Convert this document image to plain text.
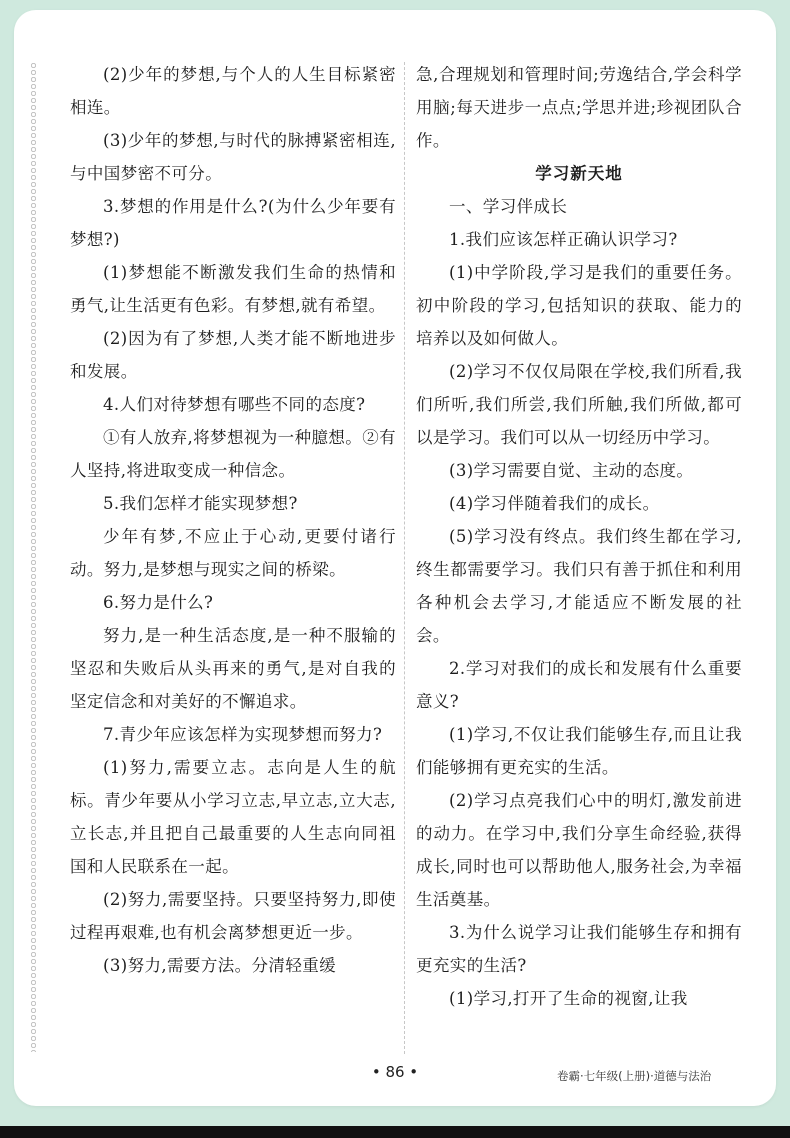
(2)少年的梦想,与个人的人生目标紧密相连。

(3)少年的梦想,与时代的脉搏紧密相连,与中国梦密不可分。

3.梦想的作用是什么?(为什么少年要有梦想?)

(1)梦想能不断激发我们生命的热情和勇气,让生活更有色彩。有梦想,就有希望。

(2)因为有了梦想,人类才能不断地进步和发展。

4.人们对待梦想有哪些不同的态度?

①有人放弃,将梦想视为一种臆想。②有人坚持,将进取变成一种信念。

5.我们怎样才能实现梦想?

少年有梦,不应止于心动,更要付诸行动。努力,是梦想与现实之间的桥梁。

6.努力是什么?

努力,是一种生活态度,是一种不服输的坚忍和失败后从头再来的勇气,是对自我的坚定信念和对美好的不懈追求。

7.青少年应该怎样为实现梦想而努力?

(1)努力,需要立志。志向是人生的航标。青少年要从小学习立志,早立志,立大志,立长志,并且把自己最重要的人生志向同祖国和人民联系在一起。

(2)努力,需要坚持。只要坚持努力,即使过程再艰难,也有机会离梦想更近一步。

(3)努力,需要方法。分清轻重缓

急,合理规划和管理时间;劳逸结合,学会科学用脑;每天进步一点点;学思并进;珍视团队合作。

学习新天地

一、学习伴成长

1.我们应该怎样正确认识学习?

(1)中学阶段,学习是我们的重要任务。初中阶段的学习,包括知识的获取、能力的培养以及如何做人。

(2)学习不仅仅局限在学校,我们所看,我们所听,我们所尝,我们所触,我们所做,都可以是学习。我们可以从一切经历中学习。

(3)学习需要自觉、主动的态度。

(4)学习伴随着我们的成长。

(5)学习没有终点。我们终生都在学习,终生都需要学习。我们只有善于抓住和利用各种机会去学习,才能适应不断发展的社会。

2.学习对我们的成长和发展有什么重要意义?

(1)学习,不仅让我们能够生存,而且让我们能够拥有更充实的生活。

(2)学习点亮我们心中的明灯,激发前进的动力。在学习中,我们分享生命经验,获得成长,同时也可以帮助他人,服务社会,为幸福生活奠基。

3.为什么说学习让我们能够生存和拥有更充实的生活?

(1)学习,打开了生命的视窗,让我

• 86 •	卷霸·七年级(上册)·道德与法治
